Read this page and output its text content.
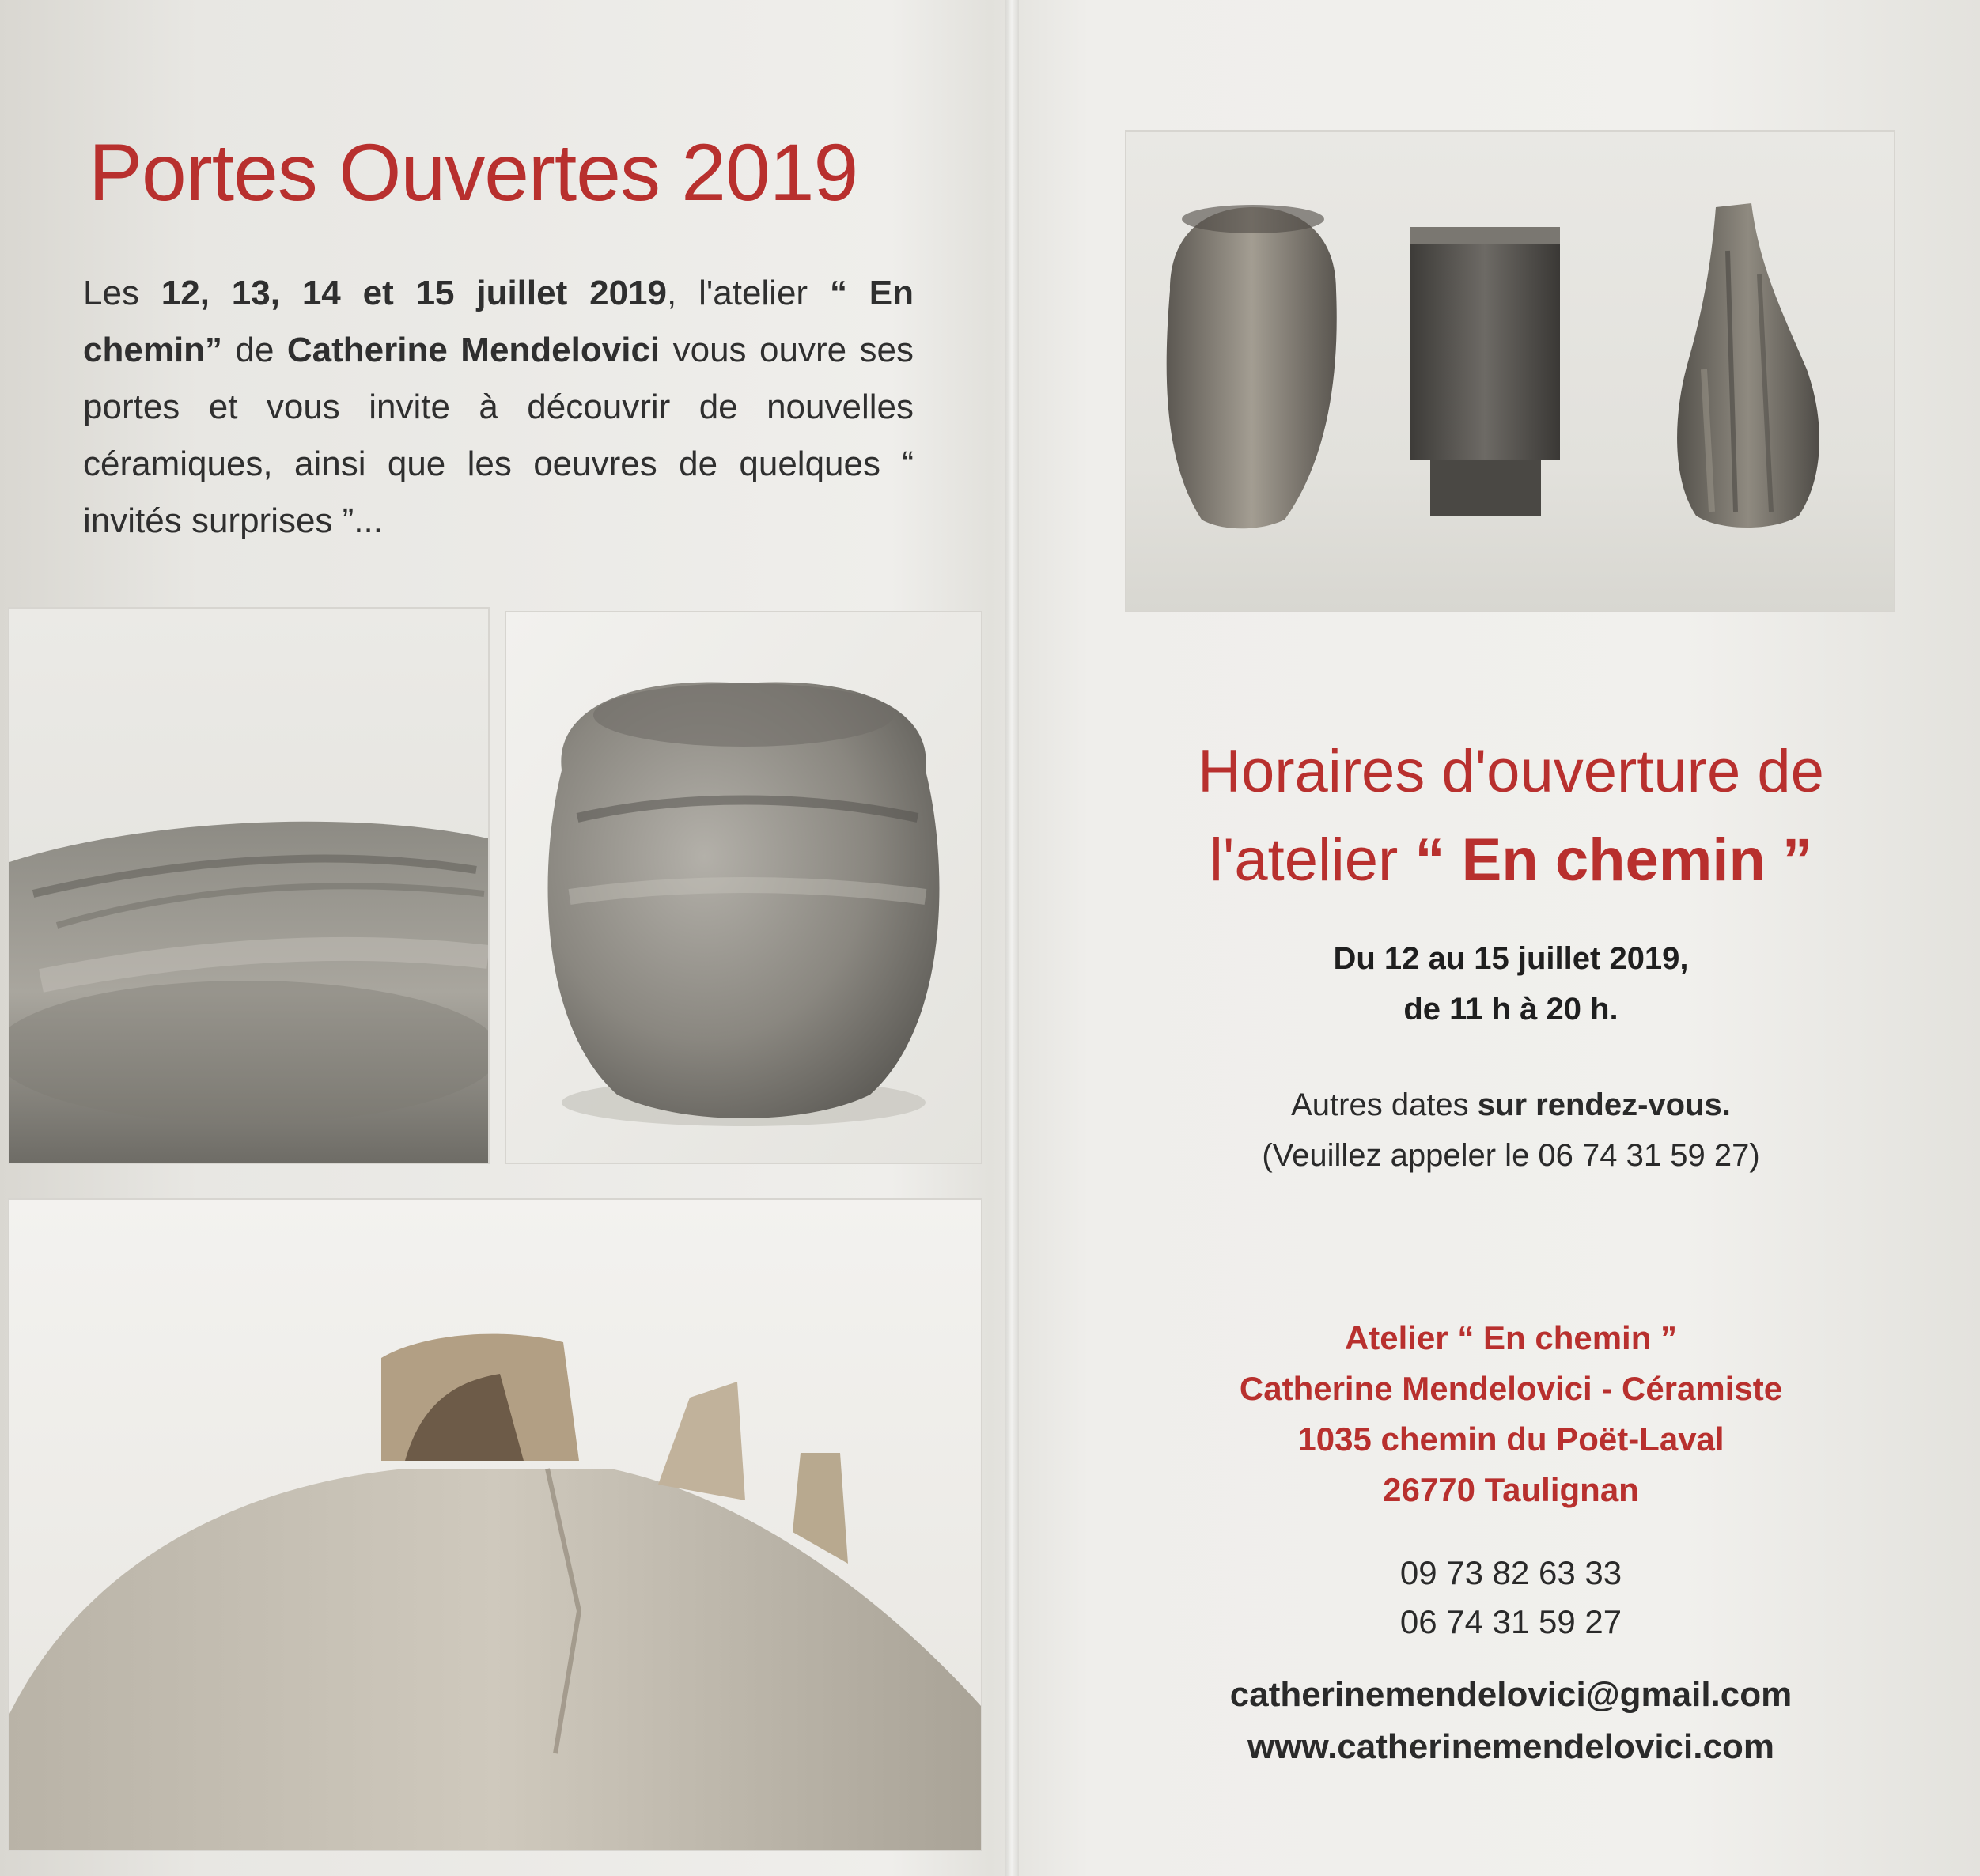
Portes Ouvertes 2019
Les 12, 13, 14 et 15 juillet 2019, l'atelier “ En chemin” de Catherine Mendelovici vous ouvre ses portes et vous invite à découvrir de nouvelles céramiques, ainsi que les oeuvres de quelques “ invités surprises ”...
Horaires d'ouverture de
l'atelier “ En chemin ”
Du 12 au 15 juillet 2019,
de 11 h à 20 h.
Autres dates sur rendez-vous.
(Veuillez appeler le 06 74 31 59 27)
Atelier “ En chemin ”
Catherine Mendelovici - Céramiste
1035 chemin du Poët-Laval
26770 Taulignan
09 73 82 63 33
06 74 31 59 27
catherinemendelovici@gmail.com
www.catherinemendelovici.com
